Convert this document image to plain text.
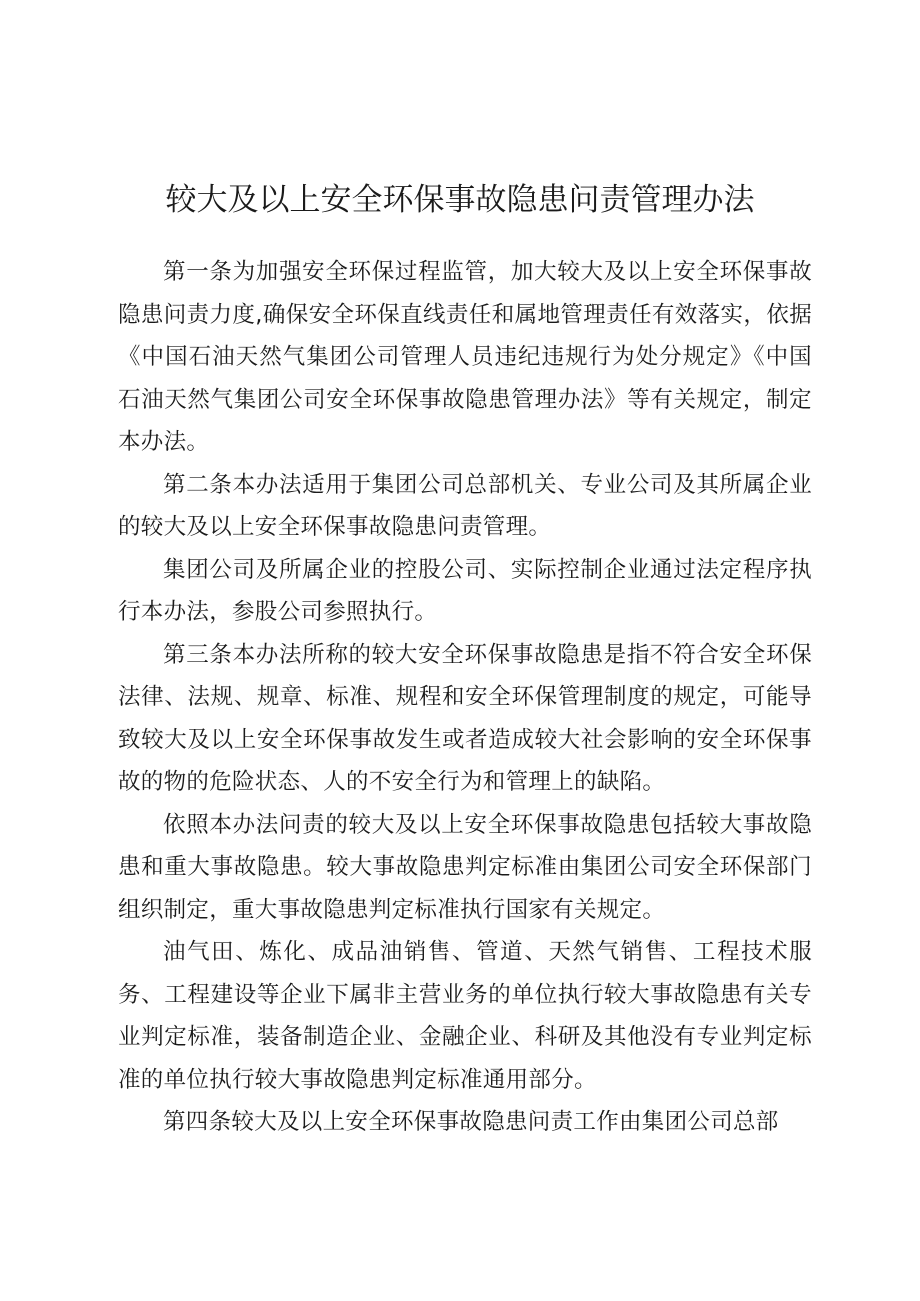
较大及以上安全环保事故隐患问责管理办法

第一条为加强安全环保过程监管，加大较大及以上安全环保事故隐患问责力度,确保安全环保直线责任和属地管理责任有效落实，依据《中国石油天然气集团公司管理人员违纪违规行为处分规定》《中国石油天然气集团公司安全环保事故隐患管理办法》等有关规定，制定本办法。

第二条本办法适用于集团公司总部机关、专业公司及其所属企业的较大及以上安全环保事故隐患问责管理。

集团公司及所属企业的控股公司、实际控制企业通过法定程序执行本办法，参股公司参照执行。

第三条本办法所称的较大安全环保事故隐患是指不符合安全环保法律、法规、规章、标准、规程和安全环保管理制度的规定，可能导致较大及以上安全环保事故发生或者造成较大社会影响的安全环保事故的物的危险状态、人的不安全行为和管理上的缺陷。

依照本办法问责的较大及以上安全环保事故隐患包括较大事故隐患和重大事故隐患。较大事故隐患判定标准由集团公司安全环保部门组织制定，重大事故隐患判定标准执行国家有关规定。

油气田、炼化、成品油销售、管道、天然气销售、工程技术服务、工程建设等企业下属非主营业务的单位执行较大事故隐患有关专业判定标准，装备制造企业、金融企业、科研及其他没有专业判定标准的单位执行较大事故隐患判定标准通用部分。

第四条较大及以上安全环保事故隐患问责工作由集团公司总部
